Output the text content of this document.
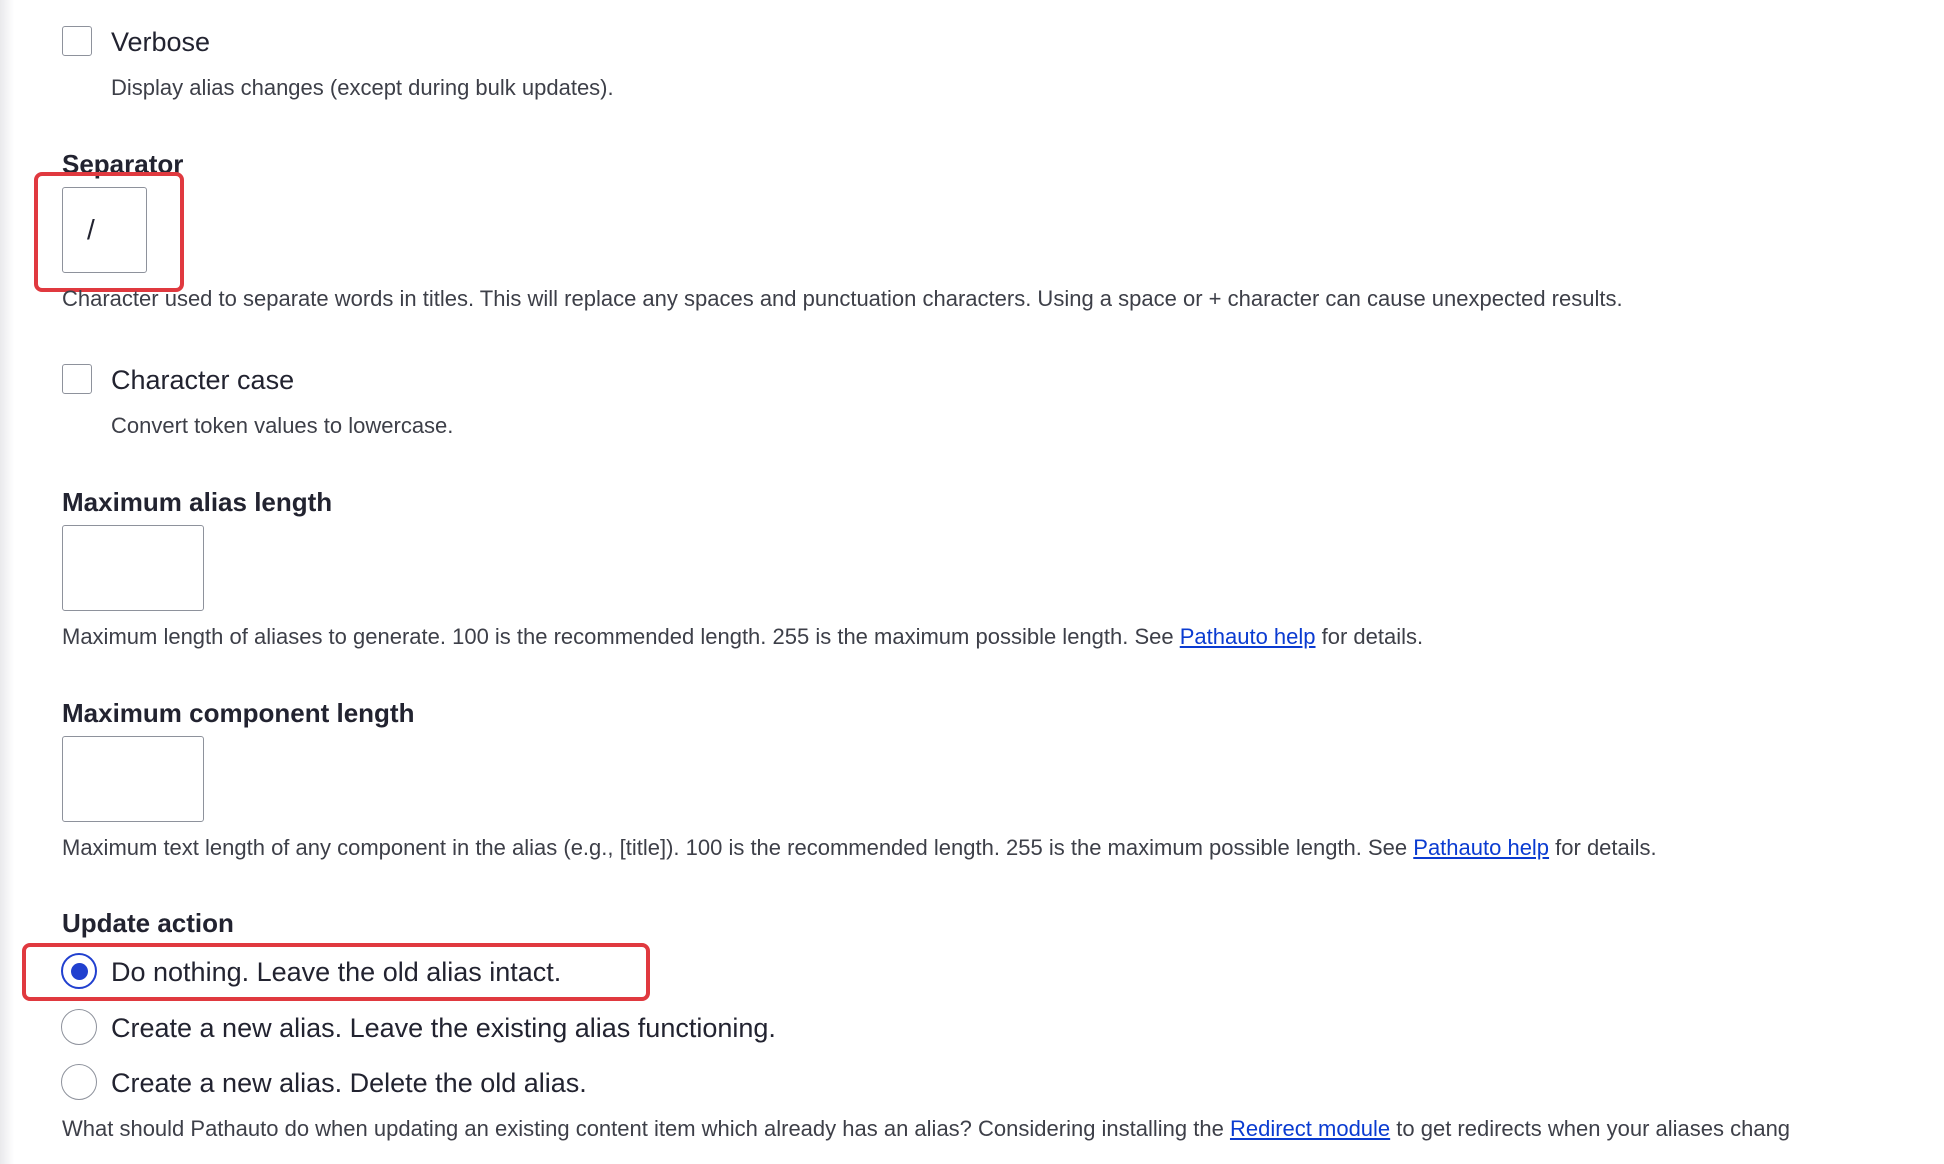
Verbose
Display alias changes (except during bulk updates).
Separator
/
Character used to separate words in titles. This will replace any spaces and punctuation characters. Using a space or + character can cause unexpected results.
Character case
Convert token values to lowercase.
Maximum alias length
Maximum length of aliases to generate. 100 is the recommended length. 255 is the maximum possible length. See Pathauto help for details.
Maximum component length
Maximum text length of any component in the alias (e.g., [title]). 100 is the recommended length. 255 is the maximum possible length. See Pathauto help for details.
Update action
Do nothing. Leave the old alias intact.
Create a new alias. Leave the existing alias functioning.
Create a new alias. Delete the old alias.
What should Pathauto do when updating an existing content item which already has an alias? Considering installing the Redirect module to get redirects when your aliases chang
